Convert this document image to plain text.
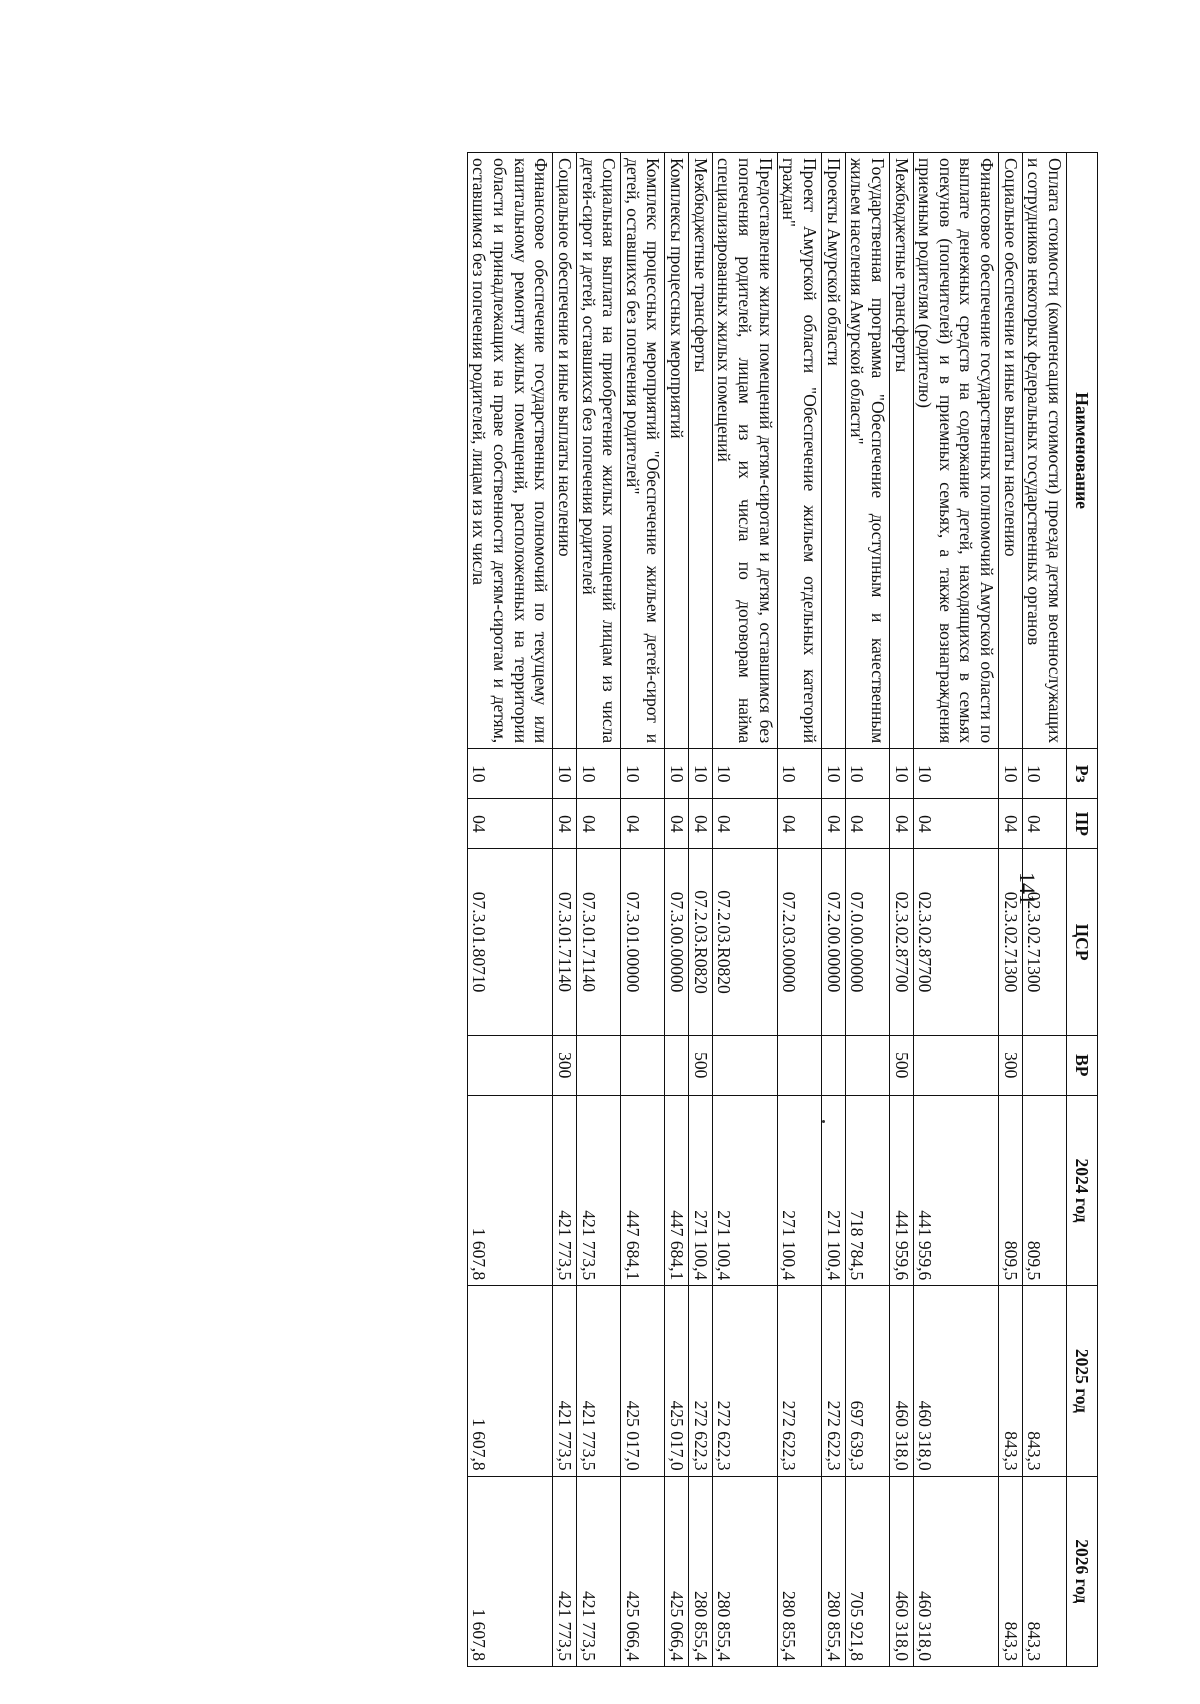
141
Наименование	Рз	ПР	ЦСР	ВР	2024 год	2025 год	2026 год
Оплата стоимости (компенсация стоимости) проезда детям военнослужащих и сотрудников некоторых федеральных государственных органов	10	04	02.3.02.71300		809,5	843,3	843,3
Социальное обеспечение и иные выплаты населению	10	04	02.3.02.71300	300	809,5	843,3	843,3
Финансовое обеспечение государственных полномочий Амурской области по выплате денежных средств на содержание детей, находящихся в семьях опекунов (попечителей) и в приемных семьях, а также вознаграждения приемным родителям (родителю)	10	04	02.3.02.87700		441 959,6	460 318,0	460 318,0
Межбюджетные трансферты	10	04	02.3.02.87700	500	441 959,6	460 318,0	460 318,0
Государственная программа "Обеспечение доступным и качественным жильем населения Амурской области"	10	04	07.0.00.00000		718 784,5	697 639,3	705 921,8
Проекты Амурской области	10	04	07.2.00.00000		271 100,4	272 622,3	280 855,4
Проект Амурской области "Обеспечение жильем отдельных категорий граждан"	10	04	07.2.03.00000		271 100,4	272 622,3	280 855,4
Предоставление жилых помещений детям-сиротам и детям, оставшимся без попечения родителей, лицам из их числа по договорам найма специализированных жилых помещений	10	04	07.2.03.R0820		271 100,4	272 622,3	280 855,4
Межбюджетные трансферты	10	04	07.2.03.R0820	500	271 100,4	272 622,3	280 855,4
Комплексы процессных мероприятий	10	04	07.3.00.00000		447 684,1	425 017,0	425 066,4
Комплекс процессных мероприятий "Обеспечение жильем детей-сирот и детей, оставшихся без попечения родителей"	10	04	07.3.01.00000		447 684,1	425 017,0	425 066,4
Социальная выплата на приобретение жилых помещений лицам из числа детей-сирот и детей, оставшихся без попечения родителей	10	04	07.3.01.71140		421 773,5	421 773,5	421 773,5
Социальное обеспечение и иные выплаты населению	10	04	07.3.01.71140	300	421 773,5	421 773,5	421 773,5
Финансовое обеспечение государственных полномочий по текущему или капитальному ремонту жилых помещений, расположенных на территории области и принадлежащих на праве собственности детям-сиротам и детям, оставшимся без попечения родителей, лицам из их числа	10	04	07.3.01.80710		1 607,8	1 607,8	1 607,8
